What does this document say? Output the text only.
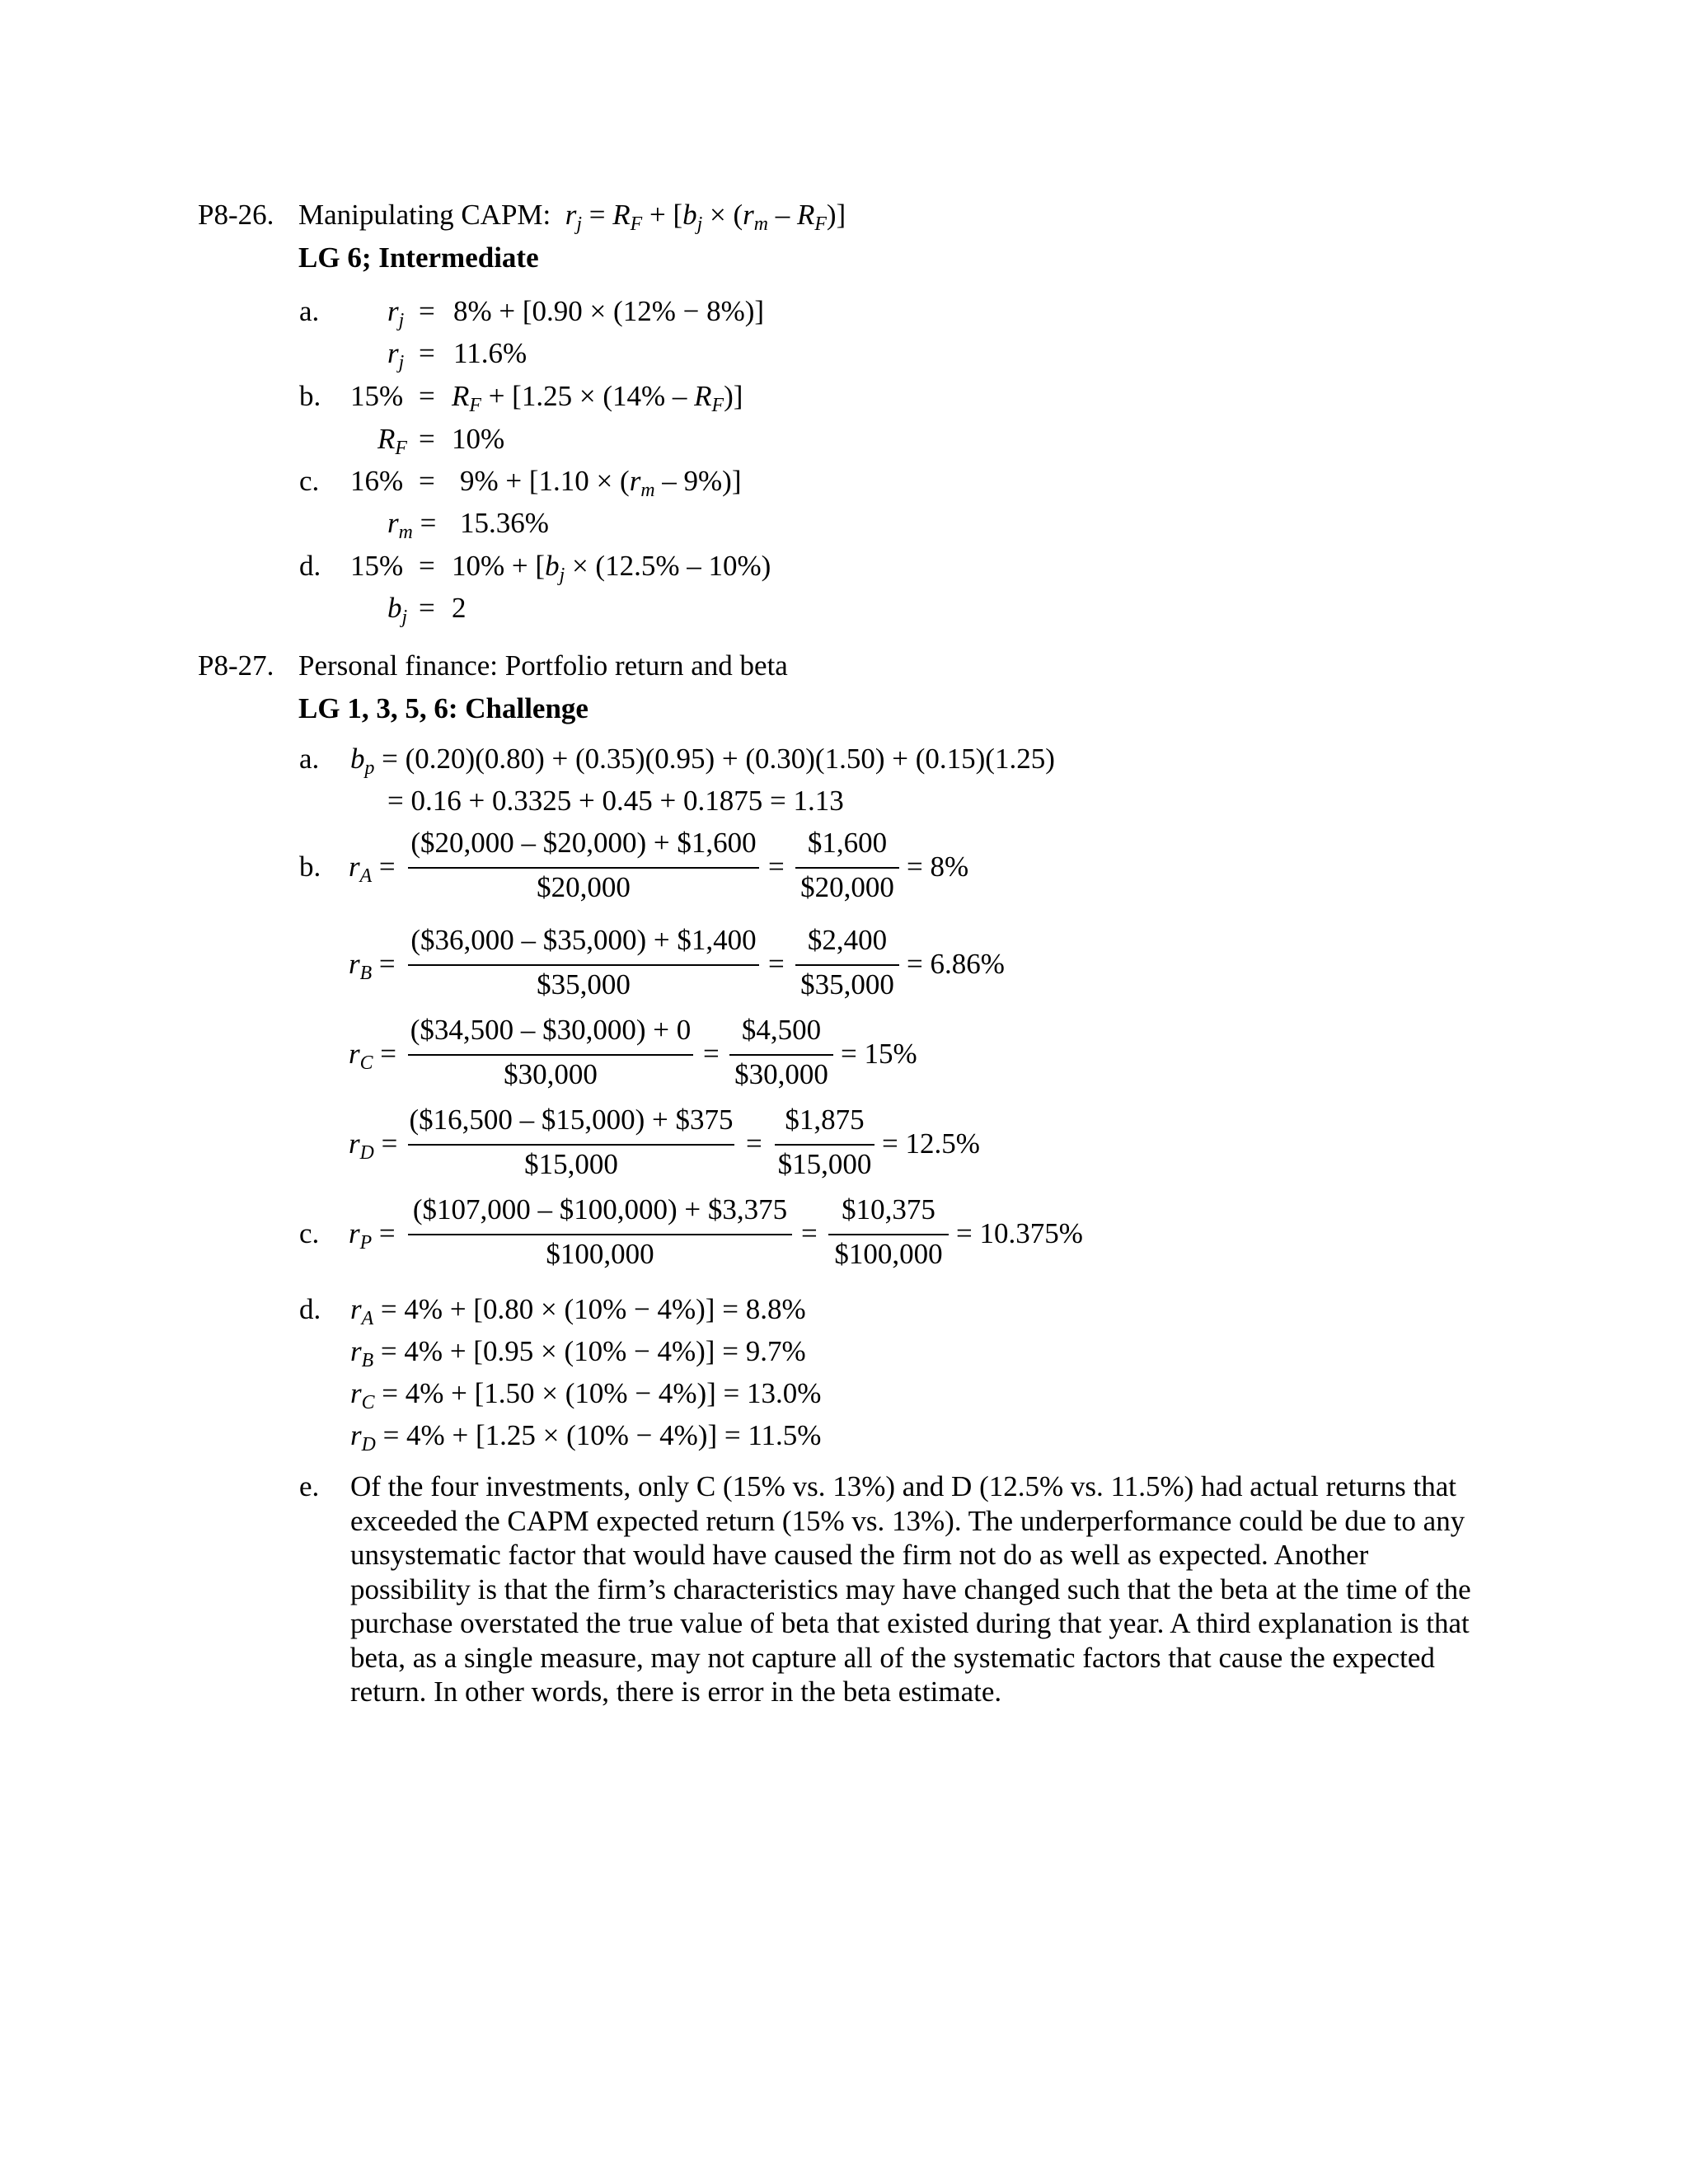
P8-26. Manipulating CAPM: $r_j = R_F + [b_j \times (r_m - R_F)]$
LG 6; Intermediate
a. $r_j = 8\% + [0.90 \times (12\% - 8\%)]$
$r_j = 11.6\%$
b. $15\% = R_F + [1.25 \times (14\% - R_F)]$
$R_F = 10\%$
c. $16\% = 9\% + [1.10 \times (r_m - 9\%)]$
$r_m = 15.36\%$
d. $15\% = 10\% + [b_j \times (12.5\% - 10\%)$
$b_j = 2$
P8-27. Personal finance: Portfolio return and beta
LG 1, 3, 5, 6: Challenge
a. $b_p = (0.20)(0.80) + (0.35)(0.95) + (0.30)(1.50) + (0.15)(1.25)$
= 0.16 + 0.3325 + 0.45 + 0.1875 = 1.13
b. $r_A$ =
($20,000 – $20,000) + $1,600
$20,000
=
$1,600
$20,000
= 8%
$r_B$ =
($36,000 – $35,000) + $1,400
$35,000
=
$2,400
$35,000
= 6.86%
$r_C$ =
($34,500 – $30,000) + 0
$30,000
=
$4,500
$30,000
= 15%
$r_D$ =
($16,500 – $15,000) + $375
$15,000
=
$1,875
$15,000
= 12.5%
c. $r_P$ =
($107,000 – $100,000) + $3,375
$100,000
=
$10,375
$100,000
= 10.375%
d. $r_A = 4\% + [0.80 \times (10\% - 4\%)] = 8.8\%$
$r_B = 4\% + [0.95 \times (10\% - 4\%)] = 9.7\%$
$r_C = 4\% + [1.50 \times (10\% - 4\%)] = 13.0\%$
$r_D = 4\% + [1.25 \times (10\% - 4\%)] = 11.5\%$
e. Of the four investments, only C (15% vs. 13%) and D (12.5% vs. 11.5%) had actual returns that exceeded the CAPM expected return (15% vs. 13%). The underperformance could be due to any unsystematic factor that would have caused the firm not do as well as expected. Another possibility is that the firm’s characteristics may have changed such that the beta at the time of the purchase overstated the true value of beta that existed during that year. A third explanation is that beta, as a single measure, may not capture all of the systematic factors that cause the expected return. In other words, there is error in the beta estimate.
